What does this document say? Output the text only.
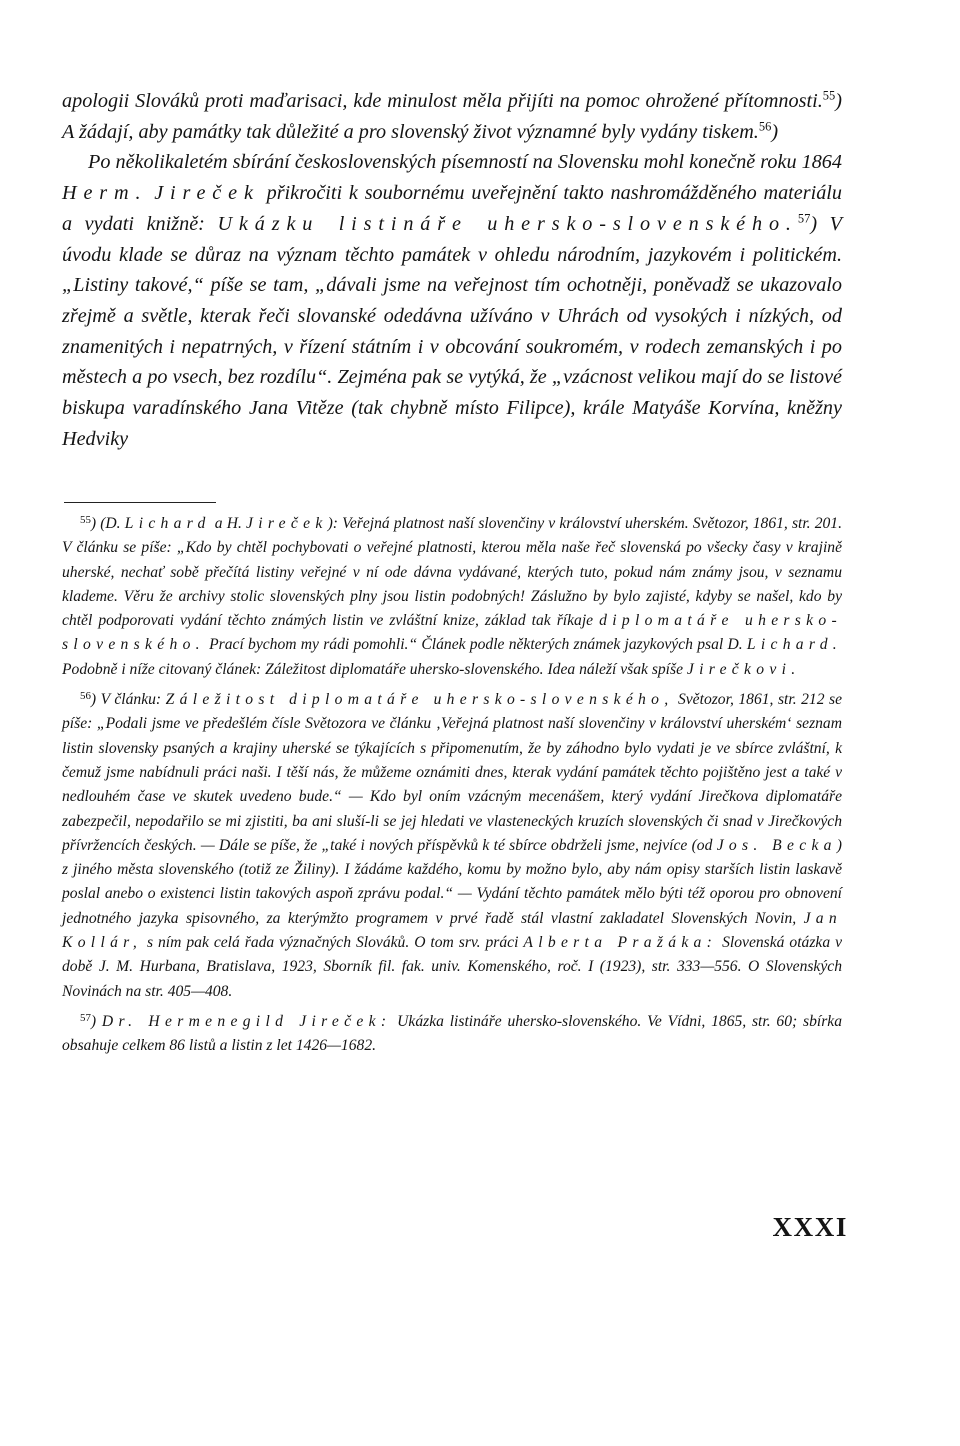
apologii Slováků proti maďarisaci, kde minulost měla přijíti na pomoc ohrožené přítomnosti.$^{55}$) A žádají, aby památky tak důležité a pro slovenský život významné byly vydány tiskem.$^{56}$)
Po několikaletém sbírání československých písemností na Slovensku mohl konečně roku 1864 Herm. Jireček přikročiti k soubornému uveřejnění takto nashromážděného materiálu a vydati knižně: Ukázku listináře uhersko-slovenského.$^{57}$) V úvodu klade se důraz na význam těchto památek v ohledu národním, jazykovém i politickém. „Listiny takové,“ píše se tam, „dávali jsme na veřejnost tím ochotněji, poněvadž se ukazovalo zřejmě a světle, kterak řeči slovanské odedávna užíváno v Uhrách od vysokých i nízkých, od znamenitých i nepatrných, v řízení státním i v obcování soukromém, v rodech zemanských i po městech a po vsech, bez rozdílu“. Zejména pak se vytýká, že „vzácnost velikou mají do se listové biskupa varadínského Jana Vitěze (tak chybně místo Filipce), krále Matyáše Korvína, kněžny Hedviky

$^{55}$) (D. Lichard a H. Jireček): Veřejná platnost naší slovenčiny v království uherském. Světozor, 1861, str. 201. V článku se píše: „Kdo by chtěl pochybovati o veřejné platnosti, kterou měla naše řeč slovenská po všecky časy v krajině uherské, nechať sobě přečítá listiny veřejné v ní ode dávna vydávané, kterých tuto, pokud nám známy jsou, v seznamu klademe. Věru že archivy stolic slovenských plny jsou listin podobných! Záslužno by bylo zajisté, kdyby se našel, kdo by chtěl podporovati vydání těchto známých listin ve zvláštní knize, základ tak říkaje diplomatáře uhersko-slovenského. Prací bychom my rádi pomohli.“ Článek podle některých známek jazykových psal D. Lichard. Podobně i níže citovaný článek: Záležitost diplomatáře uhersko-slovenského. Idea náleží však spíše Jirečkovi.

$^{56}$) V článku: Záležitost diplomatáře uhersko-slovenského, Světozor, 1861, str. 212 se píše: „Podali jsme ve předešlém čísle Světozora ve článku ‚Veřejná platnost naší slovenčiny v království uherském‘ seznam listin slovensky psaných a krajiny uherské se týkajících s připomenutím, že by záhodno bylo vydati je ve sbírce zvláštní, k čemuž jsme nabídnuli práci naši. I těší nás, že můžeme oznámiti dnes, kterak vydání památek těchto pojištěno jest a také v nedlouhém čase ve skutek uvedeno bude.“ — Kdo byl oním vzácným mecenášem, který vydání Jirečkova diplomatáře zabezpečil, nepodařilo se mi zjistiti, ba ani sluší-li se jej hledati ve vlasteneckých kruzích slovenských či snad v Jirečkových přívržencích českých. — Dále se píše, že „také i nových příspěvků k té sbírce obdrželi jsme, nejvíce (od Jos. Becka) z jiného města slovenského (totiž ze Žiliny). I žádáme každého, komu by možno bylo, aby nám opisy starších listin laskavě poslal anebo o existenci listin takových aspoň zprávu podal.“ — Vydání těchto památek mělo býti též oporou pro obnovení jednotného jazyka spisovného, za kterýmžto programem v prvé řadě stál vlastní zakladatel Slovenských Novin, Jan Kollár, s ním pak celá řada význačných Slováků. O tom srv. práci Alberta Pražáka: Slovenská otázka v době J. M. Hurbana, Bratislava, 1923, Sborník fil. fak. univ. Komenského, roč. I (1923), str. 333—556. O Slovenských Novinách na str. 405—408.

$^{57}$) Dr. Hermenegild Jireček: Ukázka listináře uhersko-slovenského. Ve Vídni, 1865, str. 60; sbírka obsahuje celkem 86 listů a listin z let 1426—1682.

XXXI
